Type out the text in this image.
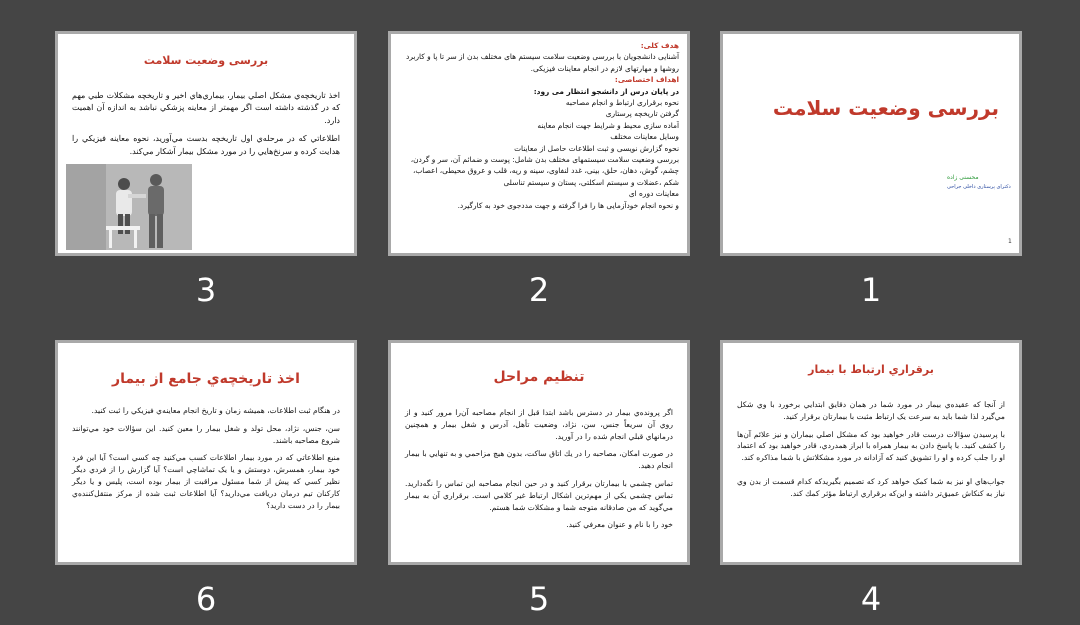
بررسی وضعیت سلامت

اخذ تاریخچه‌ي مشکل اصلي بيمار، بيماري‌هاي اخير و تاريخچه مشکلات طبي مهم که در گذشته داشته است اگر مهمتر از معاينه پزشکي نباشد به اندازه آن اهميت دارد.

اطلاعاتي که در مرحله‌ي اول تاريخچه بدست مي‌آوريد، نحوه معاينه فيزيکي را هدايت کرده و سرنخ‌هايي را در مورد مشکل بيمار آشکار مي‌کند.

3
هدف کلی:
آشنایی دانشجویان با بررسی وضعیت سلامت سیستم های مختلف بدن از سر تا پا و کاربرد روشها و مهارتهای لازم در انجام معاینات فیزیکی.
اهداف اختصاصی:
در پایان درس از دانشجو انتظار می رود:
نحوه برقراری ارتباط و انجام مصاحبه
گرفتن تاریخچه پرستاری
آماده سازی محیط و شرایط جهت انجام معاینه
وسایل معاینات مختلف
نحوه گزارش نویسی و ثبت اطلاعات حاصل از معاینات
بررسی وضعیت سلامت سیستمهای مختلف بدن شامل: پوست و ضمائم آن، سر و گردن، چشم، گوش، دهان، حلق، بینی، غدد لنفاوی، سینه و ریه، قلب و عروق محیطی، اعصاب، شکم ،عضلات و سیستم اسکلتی، پستان و سیستم تناسلی
معاینات دوره ای
و نحوه انجام خودآزمایی ها را فرا گرفته و جهت مددجوی خود به کارگیرد.
2
بررسی وضعیت سلامت
محسنی زاده
دکترای پرستاری داخلی جراحی
1
1
اخذ تاريخچه‌ي جامع از بيمار

در هنگام ثبت اطلاعات، هميشه زمان و تاريخ انجام معاينه‌ي فيزيکي را ثبت کنيد.

سن، جنس، نژاد، محل تولد و شغل بيمار را معين کنيد. اين سؤالات خود مي‌توانند شروع مصاحبه باشند.

منبع اطلاعاتي که در مورد بيمار اطلاعات کسب مي‌کنيد چه کسي است؟ آيا اين فرد خود بيمار، همسرش، دوستش و يا يک تماشاچي است؟ آيا گزارش را از فردي ديگر نظير کسي که پيش از شما مسئول مراقبت از بيمار بوده است، پليس و يا ديگر کارکنان تيم درمان دريافت مي‌داريد؟ آيا اطلاعات ثبت شده از مرکز منتقل‌کننده‌ي بيمار را در دست داريد؟

6
تنظيم مراحل

اگر پرونده‌ي بيمار در دسترس باشد ابتدا قبل از انجام مصاحبه آن‌را مرور کنيد و از روي آن سريعاً جنس، سن، نژاد، وضعيت تأهل، آدرس و شغل بيمار و همچنين درمانهاي قبلي انجام شده را در آوريد.

در صورت امكان، مصاحبه را در يك اتاق ساكت، بدون هيچ مزاحمي و به تنهايي با بيمار انجام دهيد.

تماس چشمي با بيمارتان برقرار كنيد و در حين انجام مصاحبه اين تماس را نگه‌داريد. تماس چشمي يكي از مهم‌ترين اشكال ارتباط غير كلامي است. برقراري آن به بيمار مي‌گويد كه من صادقانه متوجه شما و مشكلات شما هستم.

خود را با نام و عنوان معرفي كنيد.

5
برقراري ارتباط با بيمار

از آنجا که عقيده‌ي بيمار در مورد شما در همان دقايق ابتدايي برخورد با وي شکل مي‌گيرد لذا شما بايد به سرعت يک ارتباط مثبت با بيمارتان برقرار کنيد.

با پرسيدن سؤالات درست قادر خواهيد بود که مشکل اصلي بيماران و نيز علائم آن‌ها را کشف کنيد. با پاسخ دادن به بيمار همراه با ابراز همدردي، قادر خواهيد بود که اعتماد او را جلب کرده و او را تشويق کنيد که آزادانه در مورد مشکلاتش با شما مذاکره کند.

جواب‌هاي او نيز به شما کمک خواهد کرد که تصميم بگيريدكه كدام قسمت از بدن وي نياز به كنكاش عميق‌تر داشته و اين‌كه برقراري ارتباط مؤثر كمك كند.

4
